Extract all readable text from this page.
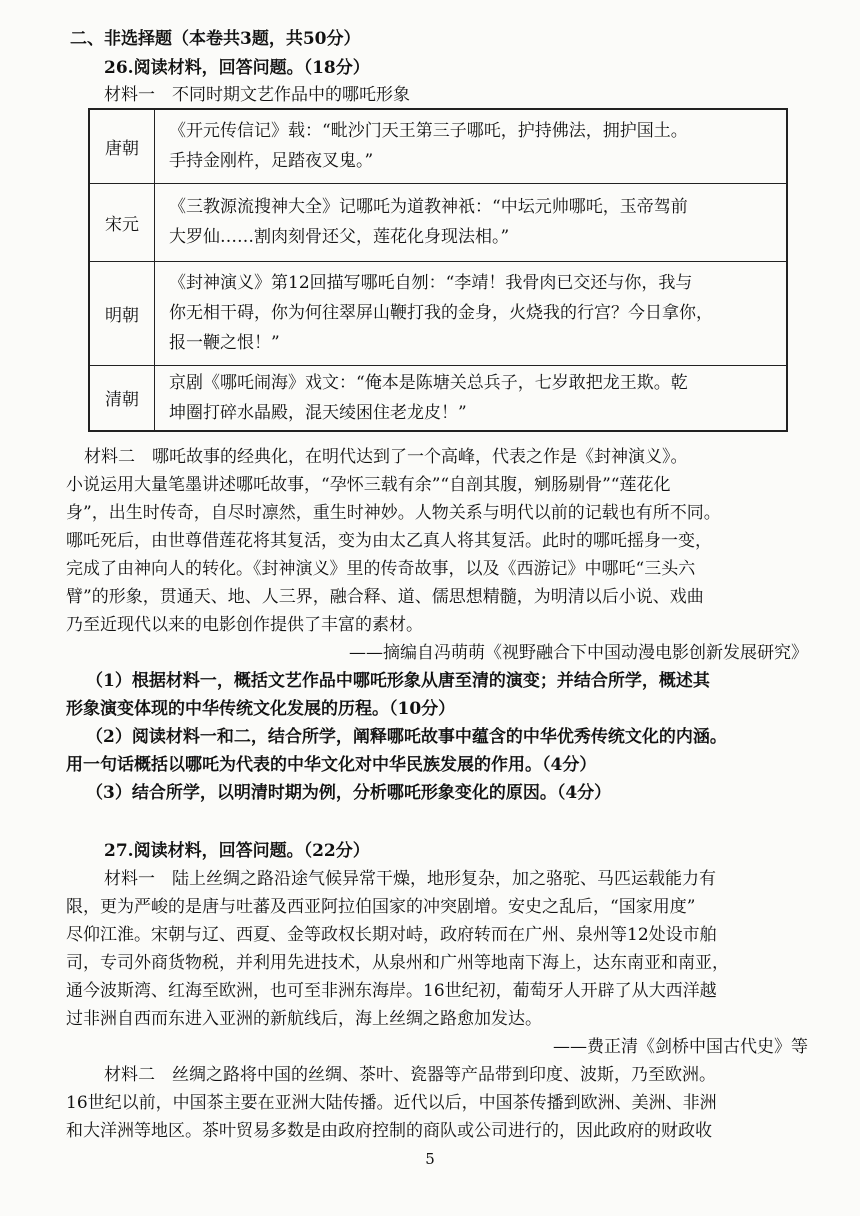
二、非选择题（本卷共3题，共50分）
26.阅读材料，回答问题。（18分）
材料一　不同时期文艺作品中的哪吒形象
唐朝	《开元传信记》载：“毗沙门天王第三子哪吒，护持佛法，拥护国土。
手持金刚杵，足踏夜叉鬼。”

宋元	《三教源流搜神大全》记哪吒为道教神祇：“中坛元帅哪吒，玉帝驾前
大罗仙……割肉刻骨还父，莲花化身现法相。”

明朝	《封神演义》第12回描写哪吒自刎：“李靖！我骨肉已交还与你，我与
你无相干碍，你为何往翠屏山鞭打我的金身，火烧我的行宫？今日拿你，
报一鞭之恨！”

清朝	京剧《哪吒闹海》戏文：“俺本是陈塘关总兵子，七岁敢把龙王欺。乾
坤圈打碎水晶殿，混天绫困住老龙皮！”
材料二　哪吒故事的经典化，在明代达到了一个高峰，代表之作是《封神演义》。
小说运用大量笔墨讲述哪吒故事，“孕怀三载有余”“自剖其腹，剜肠剔骨”“莲花化
身”，出生时传奇，自尽时凛然，重生时神妙。人物关系与明代以前的记载也有所不同。
哪吒死后，由世尊借莲花将其复活，变为由太乙真人将其复活。此时的哪吒摇身一变，
完成了由神向人的转化。《封神演义》里的传奇故事，以及《西游记》中哪吒“三头六
臂”的形象，贯通天、地、人三界，融合释、道、儒思想精髓，为明清以后小说、戏曲
乃至近现代以来的电影创作提供了丰富的素材。
——摘编自冯萌萌《视野融合下中国动漫电影创新发展研究》
（1）根据材料一，概括文艺作品中哪吒形象从唐至清的演变；并结合所学，概述其
形象演变体现的中华传统文化发展的历程。（10分）
（2）阅读材料一和二，结合所学，阐释哪吒故事中蕴含的中华优秀传统文化的内涵。
用一句话概括以哪吒为代表的中华文化对中华民族发展的作用。（4分）
（3）结合所学，以明清时期为例，分析哪吒形象变化的原因。（4分）
27.阅读材料，回答问题。（22分）
材料一　陆上丝绸之路沿途气候异常干燥，地形复杂，加之骆驼、马匹运载能力有
限，更为严峻的是唐与吐蕃及西亚阿拉伯国家的冲突剧增。安史之乱后，“国家用度”
尽仰江淮。宋朝与辽、西夏、金等政权长期对峙，政府转而在广州、泉州等12处设市舶
司，专司外商货物税，并利用先进技术，从泉州和广州等地南下海上，达东南亚和南亚，
通今波斯湾、红海至欧洲，也可至非洲东海岸。16世纪初，葡萄牙人开辟了从大西洋越
过非洲自西而东进入亚洲的新航线后，海上丝绸之路愈加发达。
——费正清《剑桥中国古代史》等
材料二　丝绸之路将中国的丝绸、茶叶、瓷器等产品带到印度、波斯，乃至欧洲。
16世纪以前，中国茶主要在亚洲大陆传播。近代以后，中国茶传播到欧洲、美洲、非洲
和大洋洲等地区。茶叶贸易多数是由政府控制的商队或公司进行的，因此政府的财政收
5
